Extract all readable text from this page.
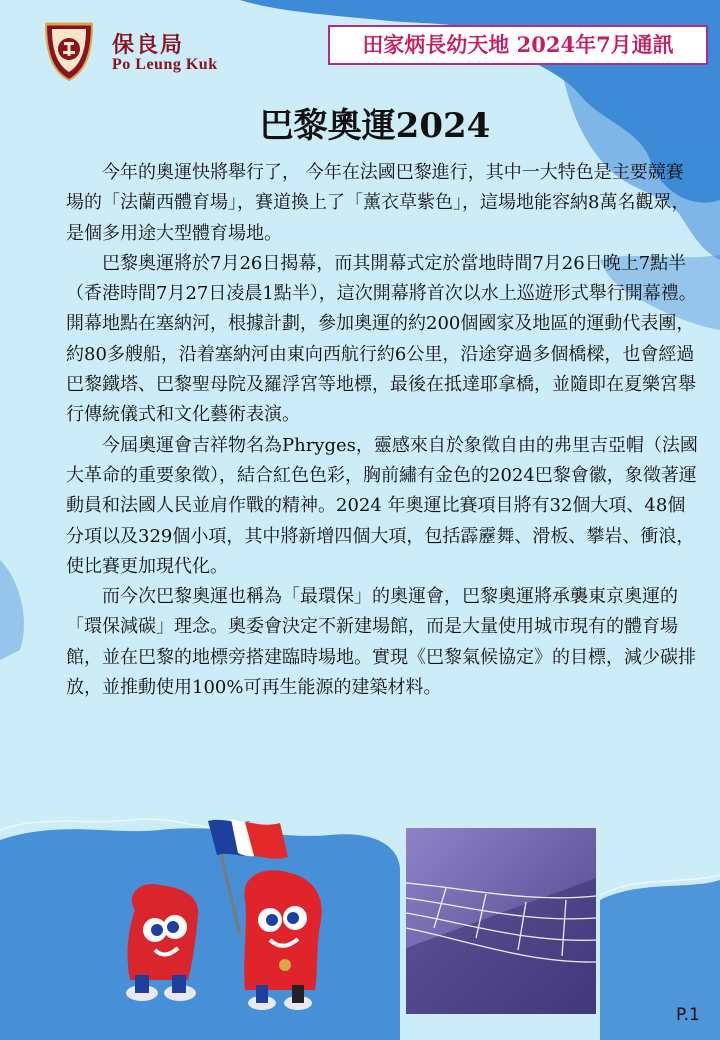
保良局
Po Leung Kuk
田家炳長幼天地 2024年7月通訊
巴黎奧運2024

今年的奧運快將舉行了， 今年在法國巴黎進行，其中一大特色是主要競賽場的「法蘭西體育場」，賽道換上了「薰衣草紫色」，這場地能容納8萬名觀眾，是個多用途大型體育場地。

巴黎奧運將於7月26日揭幕，而其開幕式定於當地時間7月26日晚上7點半（香港時間7月27日凌晨1點半），這次開幕將首次以水上巡遊形式舉行開幕禮。開幕地點在塞納河，根據計劃，參加奧運的約200個國家及地區的運動代表團，約80多艘船，沿着塞納河由東向西航行約6公里，沿途穿過多個橋樑，也會經過巴黎鐵塔、巴黎聖母院及羅浮宮等地標，最後在抵達耶拿橋，並隨即在夏樂宮舉行傳統儀式和文化藝術表演。

今屆奧運會吉祥物名為Phryges，靈感來自於象徵自由的弗里吉亞帽（法國大革命的重要象徵），結合紅色色彩，胸前繡有金色的2024巴黎會徽，象徵著運動員和法國人民並肩作戰的精神。2024 年奧運比賽項目將有32個大項、48個分項以及329個小項，其中將新增四個大項，包括霹靂舞、滑板、攀岩、衝浪，使比賽更加現代化。

而今次巴黎奧運也稱為「最環保」的奧運會，巴黎奧運將承襲東京奧運的「環保減碳」理念。奧委會決定不新建場館，而是大量使用城市現有的體育場館，並在巴黎的地標旁搭建臨時場地。實現《巴黎氣候協定》的目標，減少碳排放，並推動使用100%可再生能源的建築材料。

P.1
